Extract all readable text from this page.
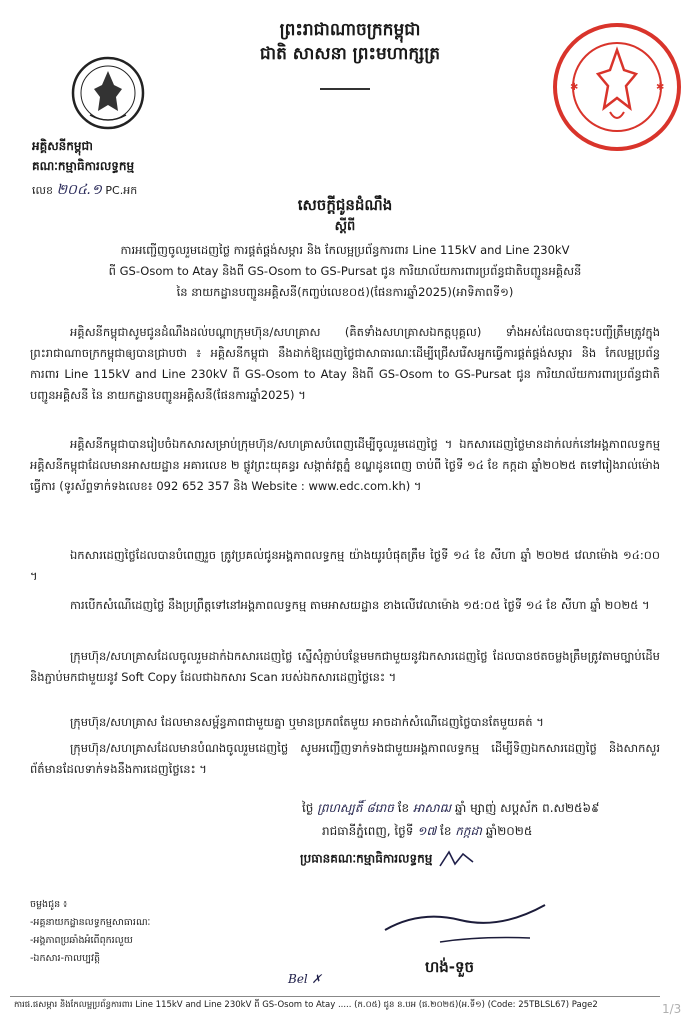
ព្រះរាជាណាចក្រកម្ពុជា
ជាតិ សាសនា ព្រះមហាក្សត្រ
✱	✱
អគ្គិសនីកម្ពុជា
គណៈកម្មាធិការលទ្ធកម្ម
លេខ ២០៤.១ PC.អក
សេចក្តីជូនដំណឹង
ស្តីពី
ការអញ្ជើញចូលរួមដេញថ្លៃ ការផ្គត់ផ្គង់សម្ភារ និង កែលម្អប្រព័ន្ធការពារ Line 115kV and Line 230kV
ពី GS-Osom to Atay និងពី GS-Osom to GS-Pursat ជូន ការិយាល័យការពារប្រព័ន្ធជាតិបញ្ជូនអគ្គិសនី
នៃ នាយកដ្ឋានបញ្ជូនអគ្គិសនី(កញ្ចប់លេខ០៥)(ផែនការឆ្នាំ2025)(អាទិភាពទី១)
អគ្គិសនីកម្ពុជាសូមជូនដំណឹងដល់បណ្តាក្រុមហ៊ុន/សហគ្រាស (គិតទាំងសហគ្រាសឯកត្តបុគ្គល) ទាំងអស់ដែលបានចុះបញ្ជីត្រឹមត្រូវក្នុងព្រះរាជាណាចក្រកម្ពុជាឲ្យបានជ្រាបថា ៖ អគ្គិសនីកម្ពុជា នឹងដាក់ឱ្យដេញថ្លៃជាសាធារណៈដើម្បីជ្រើសរើសអ្នកធ្វើការផ្គត់ផ្គង់សម្ភារ និង កែលម្អប្រព័ន្ធការពារ Line 115kV and Line 230kV ពី GS-Osom to Atay និងពី GS-Osom to GS-Pursat ជូន ការិយាល័យការពារប្រព័ន្ធជាតិបញ្ជូនអគ្គិសនី នៃ នាយកដ្ឋានបញ្ជូនអគ្គិសនី(ផែនការឆ្នាំ2025) ។
អគ្គិសនីកម្ពុជាបានរៀបចំឯកសារសម្រាប់ក្រុមហ៊ុន/សហគ្រាសបំពេញដើម្បីចូលរួមដេញថ្លៃ ។ ឯកសារដេញថ្លៃមានដាក់លក់នៅអង្គភាពលទ្ធកម្មអគ្គិសនីកម្ពុជាដែលមានអាសយដ្ឋាន អគារលេខ ២ ផ្លូវព្រះយុគន្ធរ សង្កាត់វត្តភ្នំ ខណ្ឌដូនពេញ ចាប់ពី ថ្ងៃទី ១៤ ខែ កក្កដា ឆ្នាំ២០២៥ តទៅរៀងរាល់ម៉ោងធ្វើការ (ទូរស័ព្ទទាក់ទងលេខ៖ 092 652 357 និង Website : www.edc.com.kh) ។
ឯកសារដេញថ្លៃដែលបានបំពេញរួច ត្រូវប្រគល់ជូនអង្គភាពលទ្ធកម្ម យ៉ាងយូរបំផុតត្រឹម ថ្ងៃទី ១៤ ខែ សីហា ឆ្នាំ ២០២៥ វេលាម៉ោង ១៤:០០ ។
ការបើកសំណើដេញថ្លៃ នឹងប្រព្រឹត្តទៅនៅអង្គភាពលទ្ធកម្ម តាមអាសយដ្ឋាន ខាងលើវេលាម៉ោង ១៥:០៥ ថ្ងៃទី ១៤ ខែ សីហា ឆ្នាំ ២០២៥ ។
ក្រុមហ៊ុន/សហគ្រាសដែលចូលរួមដាក់ឯកសារដេញថ្លៃ ស្នើសុំភ្ជាប់បន្ថែមមកជាមួយនូវឯកសារដេញថ្លៃ ដែលបានថតចម្លងត្រឹមត្រូវតាមច្បាប់ដើម និងភ្ជាប់មកជាមួយនូវ Soft Copy ដែលជាឯកសារ Scan របស់ឯកសារដេញថ្លៃនេះ ។
ក្រុមហ៊ុន/សហគ្រាស ដែលមានសម្ព័ន្ធភាពជាមួយគ្នា ឬមានប្រភពតែមួយ អាចដាក់សំណើដេញថ្លៃបានតែមួយគត់ ។
ក្រុមហ៊ុន/សហគ្រាសដែលមានបំណងចូលរួមដេញថ្លៃ សូមអញ្ជើញទាក់ទងជាមួយអង្គភាពលទ្ធកម្ម ដើម្បីទិញឯកសារដេញថ្លៃ និងសាកសួរព័ត៌មានដែលទាក់ទងនឹងការដេញថ្លៃនេះ ។
ថ្ងៃ ព្រហស្បតិ៍ ៨រោច ខែ អាសាឍ ឆ្នាំ ម្សាញ់ សប្តស័ក ព.ស២៥៦៩
រាជធានីភ្នំពេញ, ថ្ងៃទី ១៧ ខែ កក្កដា ឆ្នាំ២០២៥
ប្រធានគណៈកម្មាធិការលទ្ធកម្ម
ចម្លងជូន ៖
-អគ្គនាយកដ្ឋានលទ្ធកម្មសាធារណៈ
-អង្គភាពប្រឆាំងអំពើពុករលួយ
-ឯកសារ-កាលប្បវត្តិ	ហង់-ទួច
Bel ✗
ការផ.ផសម្ភារ និងកែលម្អប្រព័ន្ធការពារ Line 115kV and Line 230kV ពី GS-Osom to Atay ..... (ក.០៥) ជូន ន.បអ (ផ.២០២៥)(អ.ទី១) (Code: 25TBLSL67) Page2	1/3
